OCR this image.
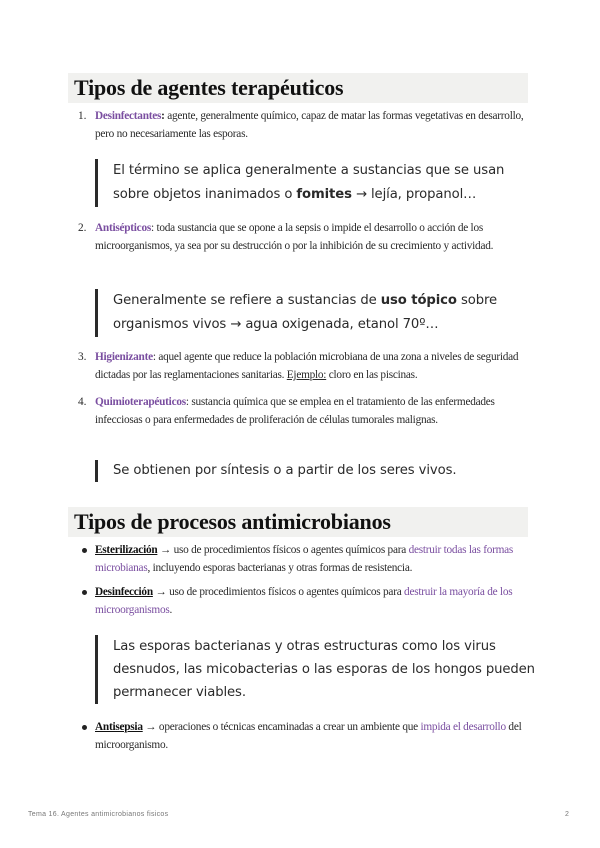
Tipos de agentes terapéuticos
1. Desinfectantes: agente, generalmente químico, capaz de matar las formas vegetativas en desarrollo, pero no necesariamente las esporas.
El término se aplica generalmente a sustancias que se usan sobre objetos inanimados o fomites → lejía, propanol…
2. Antisépticos: toda sustancia que se opone a la sepsis o impide el desarrollo o acción de los microorganismos, ya sea por su destrucción o por la inhibición de su crecimiento y actividad.
Generalmente se refiere a sustancias de uso tópico sobre organismos vivos → agua oxigenada, etanol 70º…
3. Higienizante: aquel agente que reduce la población microbiana de una zona a niveles de seguridad dictadas por las reglamentaciones sanitarias. Ejemplo: cloro en las piscinas.
4. Quimioterapéuticos: sustancia química que se emplea en el tratamiento de las enfermedades infecciosas o para enfermedades de proliferación de células tumorales malignas.
Se obtienen por síntesis o a partir de los seres vivos.
Tipos de procesos antimicrobianos
Esterilización → uso de procedimientos físicos o agentes químicos para destruir todas las formas microbianas, incluyendo esporas bacterianas y otras formas de resistencia.
Desinfección → uso de procedimientos físicos o agentes químicos para destruir la mayoría de los microorganismos.
Las esporas bacterianas y otras estructuras como los virus desnudos, las micobacterias o las esporas de los hongos pueden permanecer viables.
Antisepsia → operaciones o técnicas encaminadas a crear un ambiente que impida el desarrollo del microorganismo.
Tema 16. Agentes antimicrobianos fisicos	2
